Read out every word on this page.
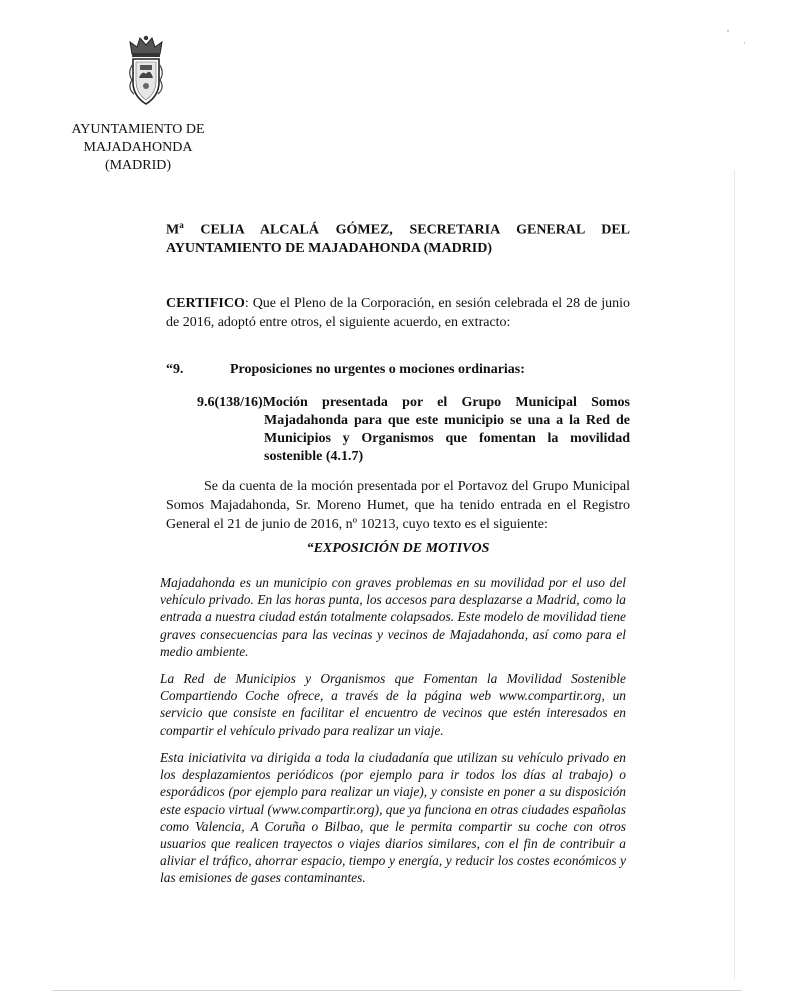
AYUNTAMIENTO DE
MAJADAHONDA
(MADRID)
$M^a$ CELIA ALCALÁ GÓMEZ, SECRETARIA GENERAL DEL
AYUNTAMIENTO DE MAJADAHONDA (MADRID)
CERTIFICO: Que el Pleno de la Corporación, en sesión celebrada el 28 de junio de 2016, adoptó entre otros, el siguiente acuerdo, en extracto:
“9.	Proposiciones no urgentes o mociones ordinarias:
9.6(138/16) Moción presentada por el Grupo Municipal Somos
Majadahonda para que este municipio se una a la Red de Municipios y Organismos que fomentan la movilidad sostenible (4.1.7)
Se da cuenta de la moción presentada por el Portavoz del Grupo Municipal Somos Majadahonda, Sr. Moreno Humet, que ha tenido entrada en el Registro General el 21 de junio de 2016, nº 10213, cuyo texto es el siguiente:
“EXPOSICIÓN DE MOTIVOS
Majadahonda es un municipio con graves problemas en su movilidad por el uso del vehículo privado. En las horas punta, los accesos para desplazarse a Madrid, como la entrada a nuestra ciudad están totalmente colapsados. Este modelo de movilidad tiene graves consecuencias para las vecinas y vecinos de Majadahonda, así como para el medio ambiente.
La Red de Municipios y Organismos que Fomentan la Movilidad Sostenible Compartiendo Coche ofrece, a través de la página web www.compartir.org, un servicio que consiste en facilitar el encuentro de vecinos que estén interesados en compartir el vehículo privado para realizar un viaje.
Esta iniciativita va dirigida a toda la ciudadanía que utilizan su vehículo privado en los desplazamientos periódicos (por ejemplo para ir todos los días al trabajo) o esporádicos (por ejemplo para realizar un viaje), y consiste en poner a su disposición este espacio virtual (www.compartir.org), que ya funciona en otras ciudades españolas como Valencia, A Coruña o Bilbao, que le permita compartir su coche con otros usuarios que realicen trayectos o viajes diarios similares, con el fin de contribuir a aliviar el tráfico, ahorrar espacio, tiempo y energía, y reducir los costes económicos y las emisiones de gases contaminantes.
